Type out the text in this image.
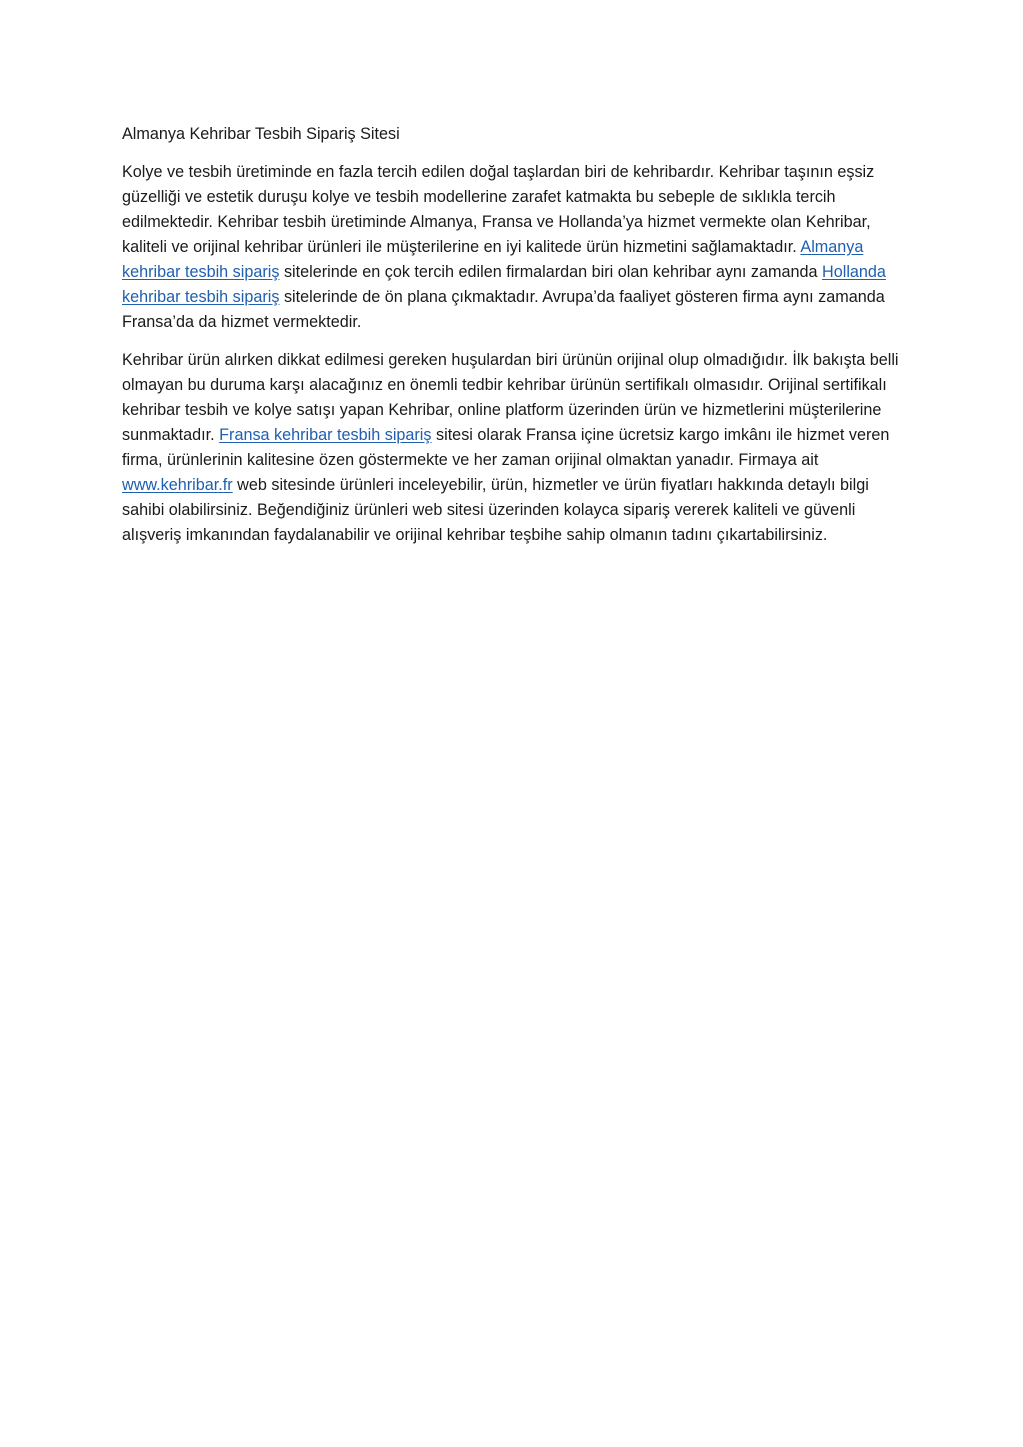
Almanya Kehribar Tesbih Sipariş Sitesi

Kolye ve tesbih üretiminde en fazla tercih edilen doğal taşlardan biri de kehribardır. Kehribar taşının eşsiz güzelliği ve estetik duruşu kolye ve tesbih modellerine zarafet katmakta bu sebeple de sıklıkla tercih edilmektedir. Kehribar tesbih üretiminde Almanya, Fransa ve Hollanda’ya hizmet vermekte olan Kehribar, kaliteli ve orijinal kehribar ürünleri ile müşterilerine en iyi kalitede ürün hizmetini sağlamaktadır. Almanya kehribar tesbih sipariş sitelerinde en çok tercih edilen firmalardan biri olan kehribar aynı zamanda Hollanda kehribar tesbih sipariş sitelerinde de ön plana çıkmaktadır. Avrupa’da faaliyet gösteren firma aynı zamanda Fransa’da da hizmet vermektedir.

Kehribar ürün alırken dikkat edilmesi gereken huşulardan biri ürünün orijinal olup olmadığıdır. İlk bakışta belli olmayan bu duruma karşı alacağınız en önemli tedbir kehribar ürünün sertifikalı olmasıdır. Orijinal sertifikalı kehribar tesbih ve kolye satışı yapan Kehribar, online platform üzerinden ürün ve hizmetlerini müşterilerine sunmaktadır. Fransa kehribar tesbih sipariş sitesi olarak Fransa içine ücretsiz kargo imkânı ile hizmet veren firma, ürünlerinin kalitesine özen göstermekte ve her zaman orijinal olmaktan yanadır. Firmaya ait www.kehribar.fr web sitesinde ürünleri inceleyebilir, ürün, hizmetler ve ürün fiyatları hakkında detaylı bilgi sahibi olabilirsiniz. Beğendiğiniz ürünleri web sitesi üzerinden kolayca sipariş vererek kaliteli ve güvenli alışveriş imkanından faydalanabilir ve orijinal kehribar teşbihe sahip olmanın tadını çıkartabilirsiniz.
